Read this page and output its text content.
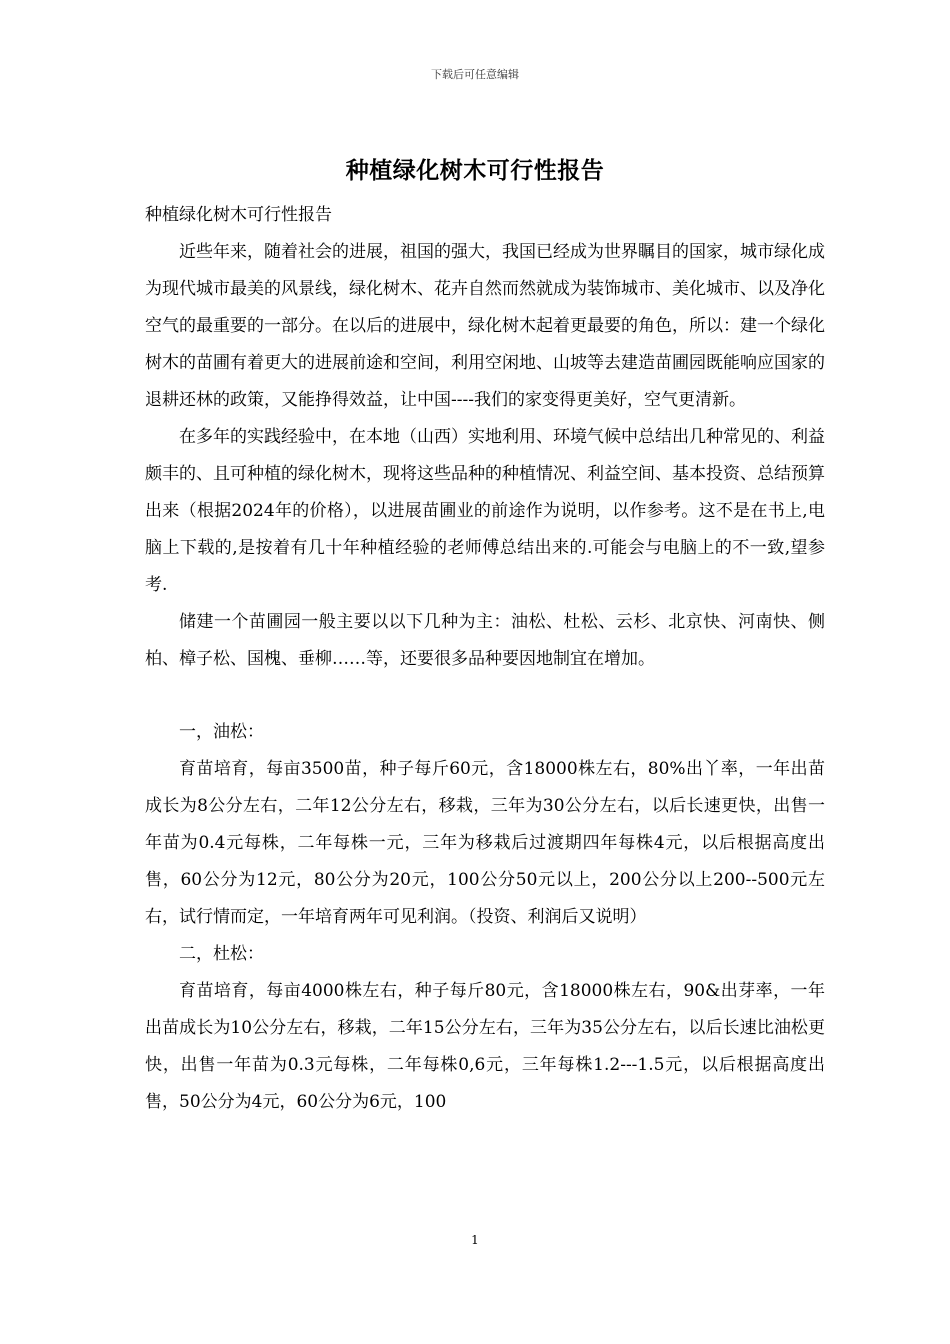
下载后可任意编辑
种植绿化树木可行性报告

种植绿化树木可行性报告

近些年来，随着社会的进展，祖国的强大，我国已经成为世界瞩目的国家，城市绿化成为现代城市最美的风景线，绿化树木、花卉自然而然就成为装饰城市、美化城市、以及净化空气的最重要的一部分。在以后的进展中，绿化树木起着更最要的角色，所以：建一个绿化树木的苗圃有着更大的进展前途和空间，利用空闲地、山坡等去建造苗圃园既能响应国家的退耕还林的政策，又能挣得效益，让中国----我们的家变得更美好，空气更清新。

在多年的实践经验中，在本地（山西）实地利用、环境气候中总结出几种常见的、利益颇丰的、且可种植的绿化树木，现将这些品种的种植情况、利益空间、基本投资、总结预算出来（根据2024年的价格），以进展苗圃业的前途作为说明，以作参考。这不是在书上,电脑上下载的,是按着有几十年种植经验的老师傅总结出来的.可能会与电脑上的不一致,望参考.

储建一个苗圃园一般主要以以下几种为主：油松、杜松、云杉、北京快、河南快、侧柏、樟子松、国槐、垂柳……等，还要很多品种要因地制宜在增加。

一，油松：

育苗培育，每亩3500苗，种子每斤60元，含18000株左右，80%出丫率，一年出苗成长为8公分左右，二年12公分左右，移栽，三年为30公分左右，以后长速更快，出售一年苗为0.4元每株，二年每株一元，三年为移栽后过渡期四年每株4元，以后根据高度出售，60公分为12元，80公分为20元，100公分50元以上，200公分以上200--500元左右，试行情而定，一年培育两年可见利润。（投资、利润后又说明）

二，杜松：

育苗培育，每亩4000株左右，种子每斤80元，含18000株左右，90&出芽率，一年出苗成长为10公分左右，移栽，二年15公分左右，三年为35公分左右，以后长速比油松更快，出售一年苗为0.3元每株，二年每株0,6元，三年每株1.2---1.5元，以后根据高度出售，50公分为4元，60公分为6元，100

1
